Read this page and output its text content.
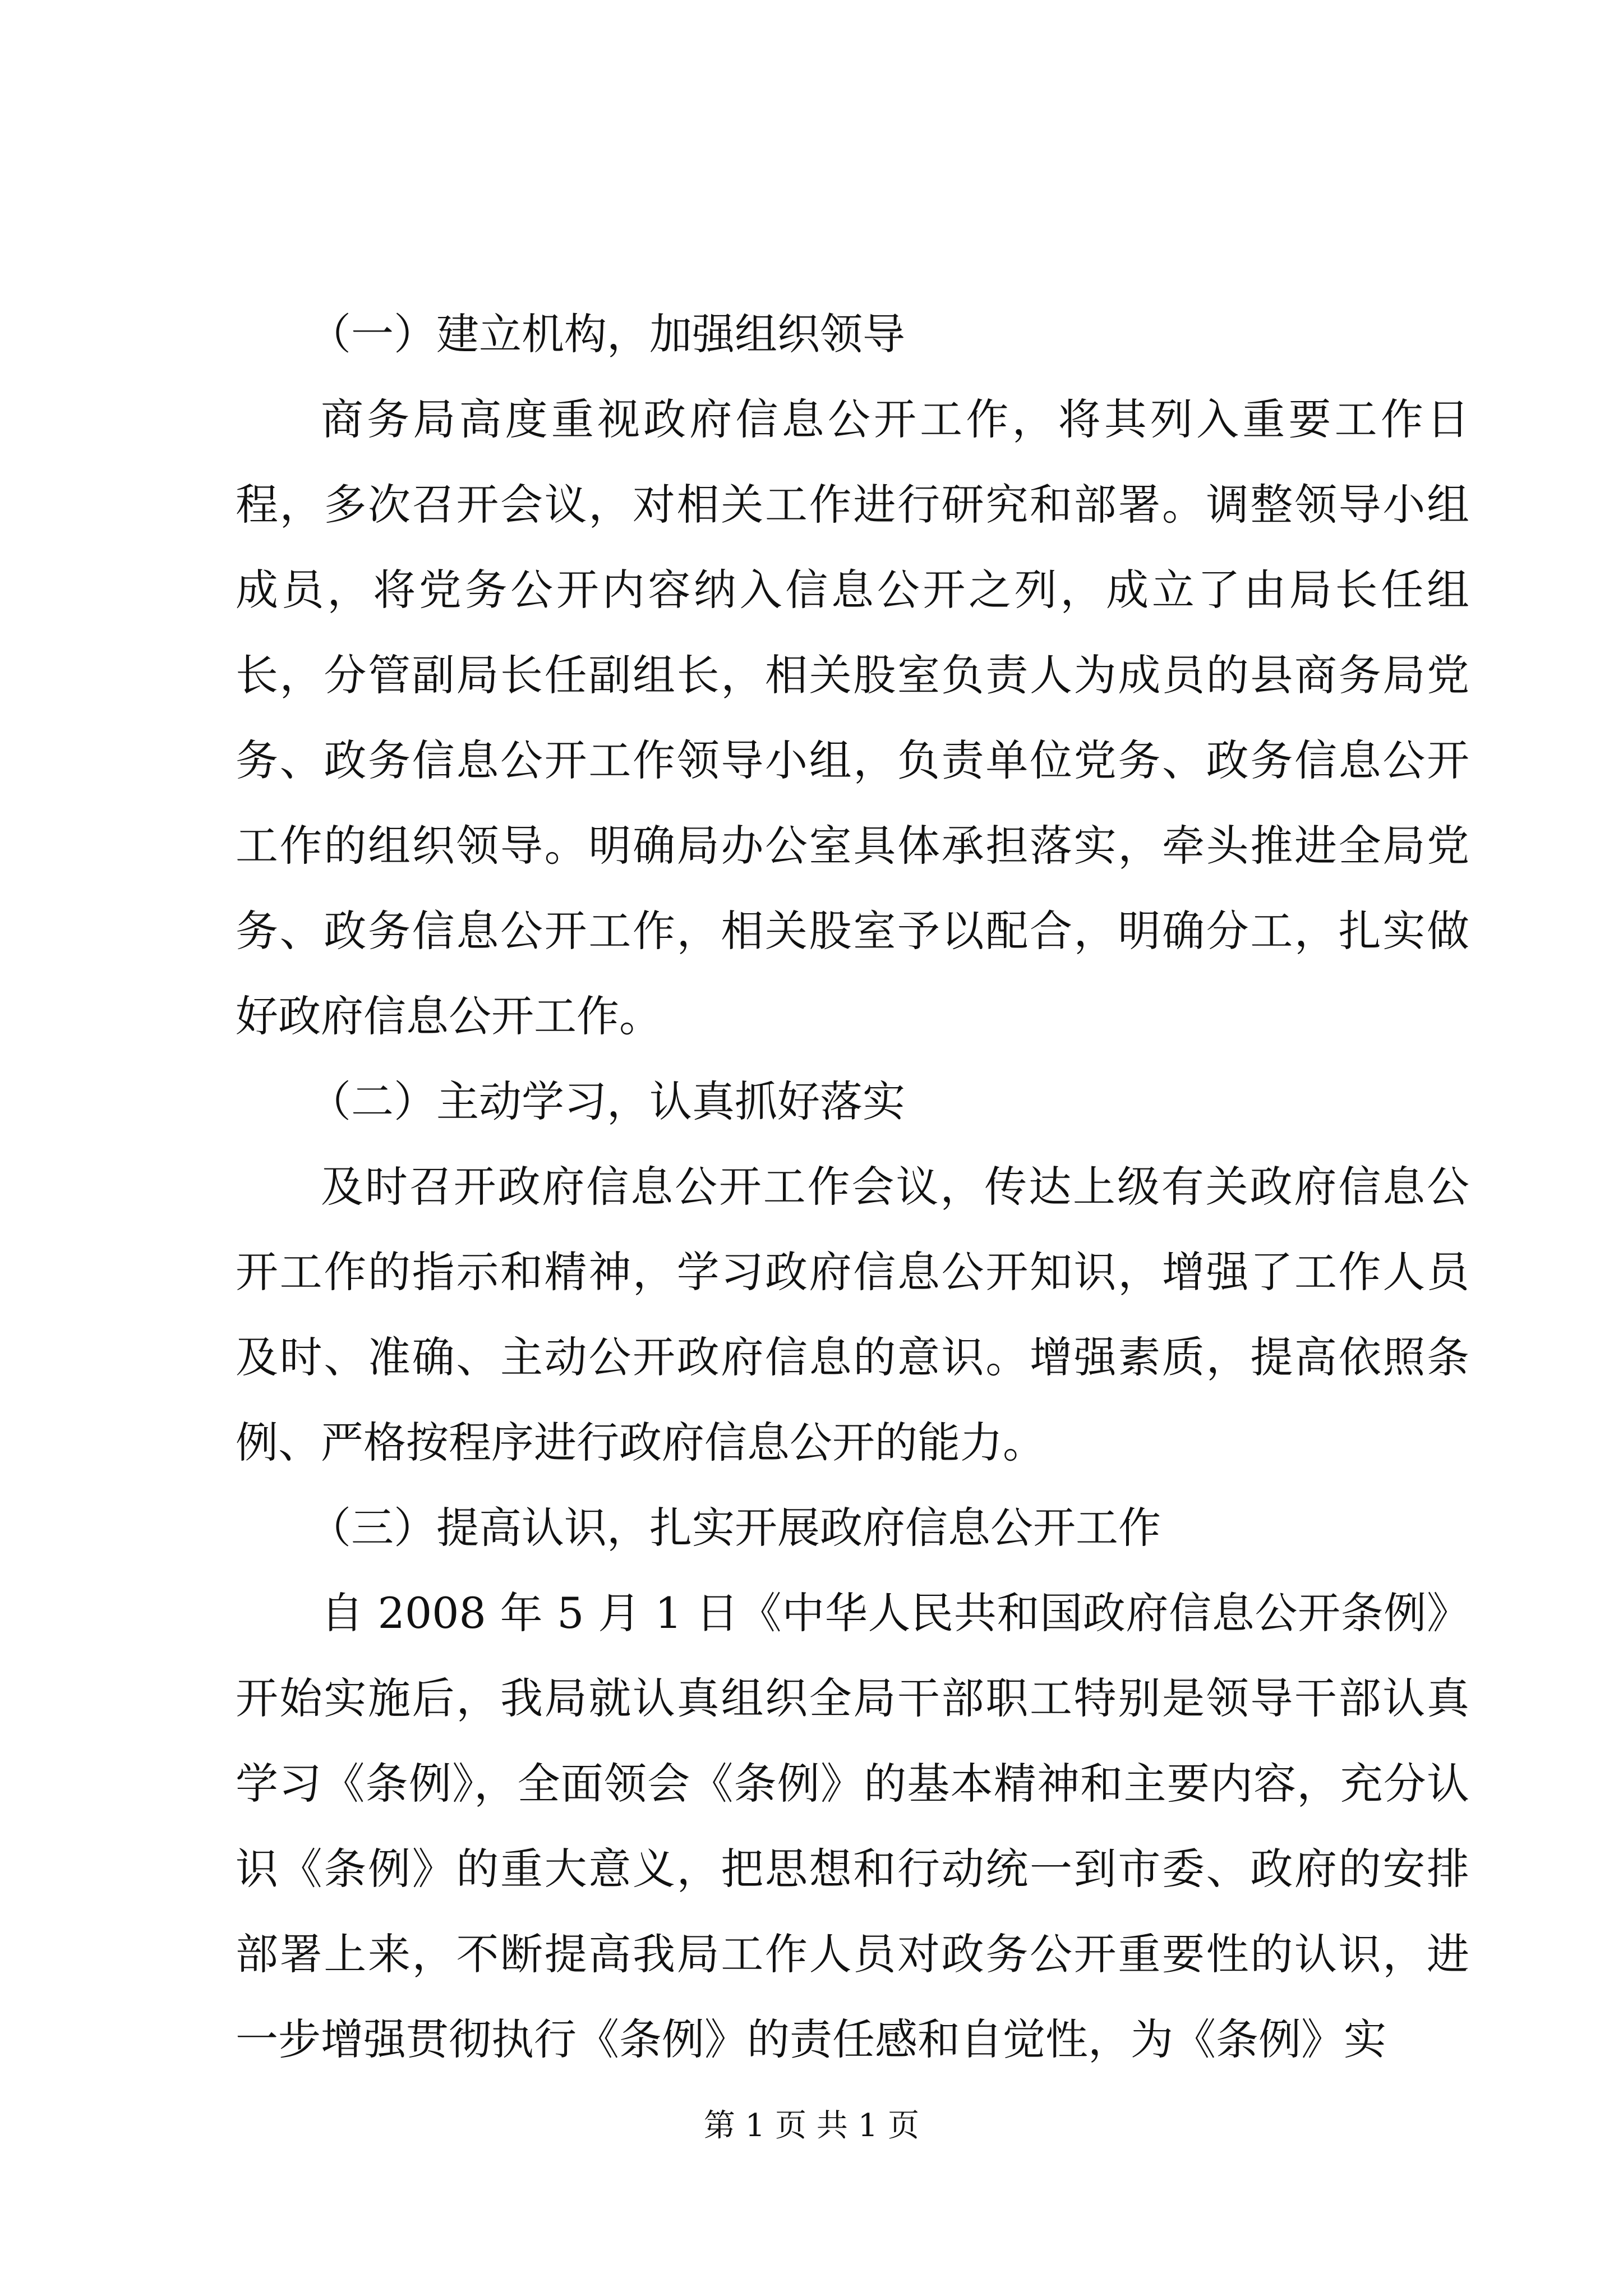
（一）建立机构，加强组织领导

商务局高度重视政府信息公开工作，将其列入重要工作日程，多次召开会议，对相关工作进行研究和部署。调整领导小组成员，将党务公开内容纳入信息公开之列，成立了由局长任组长，分管副局长任副组长，相关股室负责人为成员的县商务局党务、政务信息公开工作领导小组，负责单位党务、政务信息公开工作的组织领导。明确局办公室具体承担落实，牵头推进全局党务、政务信息公开工作，相关股室予以配合，明确分工，扎实做好政府信息公开工作。

（二）主动学习，认真抓好落实

及时召开政府信息公开工作会议，传达上级有关政府信息公开工作的指示和精神，学习政府信息公开知识，增强了工作人员及时、准确、主动公开政府信息的意识。增强素质，提高依照条例、严格按程序进行政府信息公开的能力。

（三）提高认识，扎实开展政府信息公开工作

自 2008 年 5 月 1 日《中华人民共和国政府信息公开条例》开始实施后，我局就认真组织全局干部职工特别是领导干部认真学习《条例》，全面领会《条例》的基本精神和主要内容，充分认识《条例》的重大意义，把思想和行动统一到市委、政府的安排部署上来，不断提高我局工作人员对政务公开重要性的认识，进一步增强贯彻执行《条例》的责任感和自觉性，为《条例》实

第 1 页 共 1 页
